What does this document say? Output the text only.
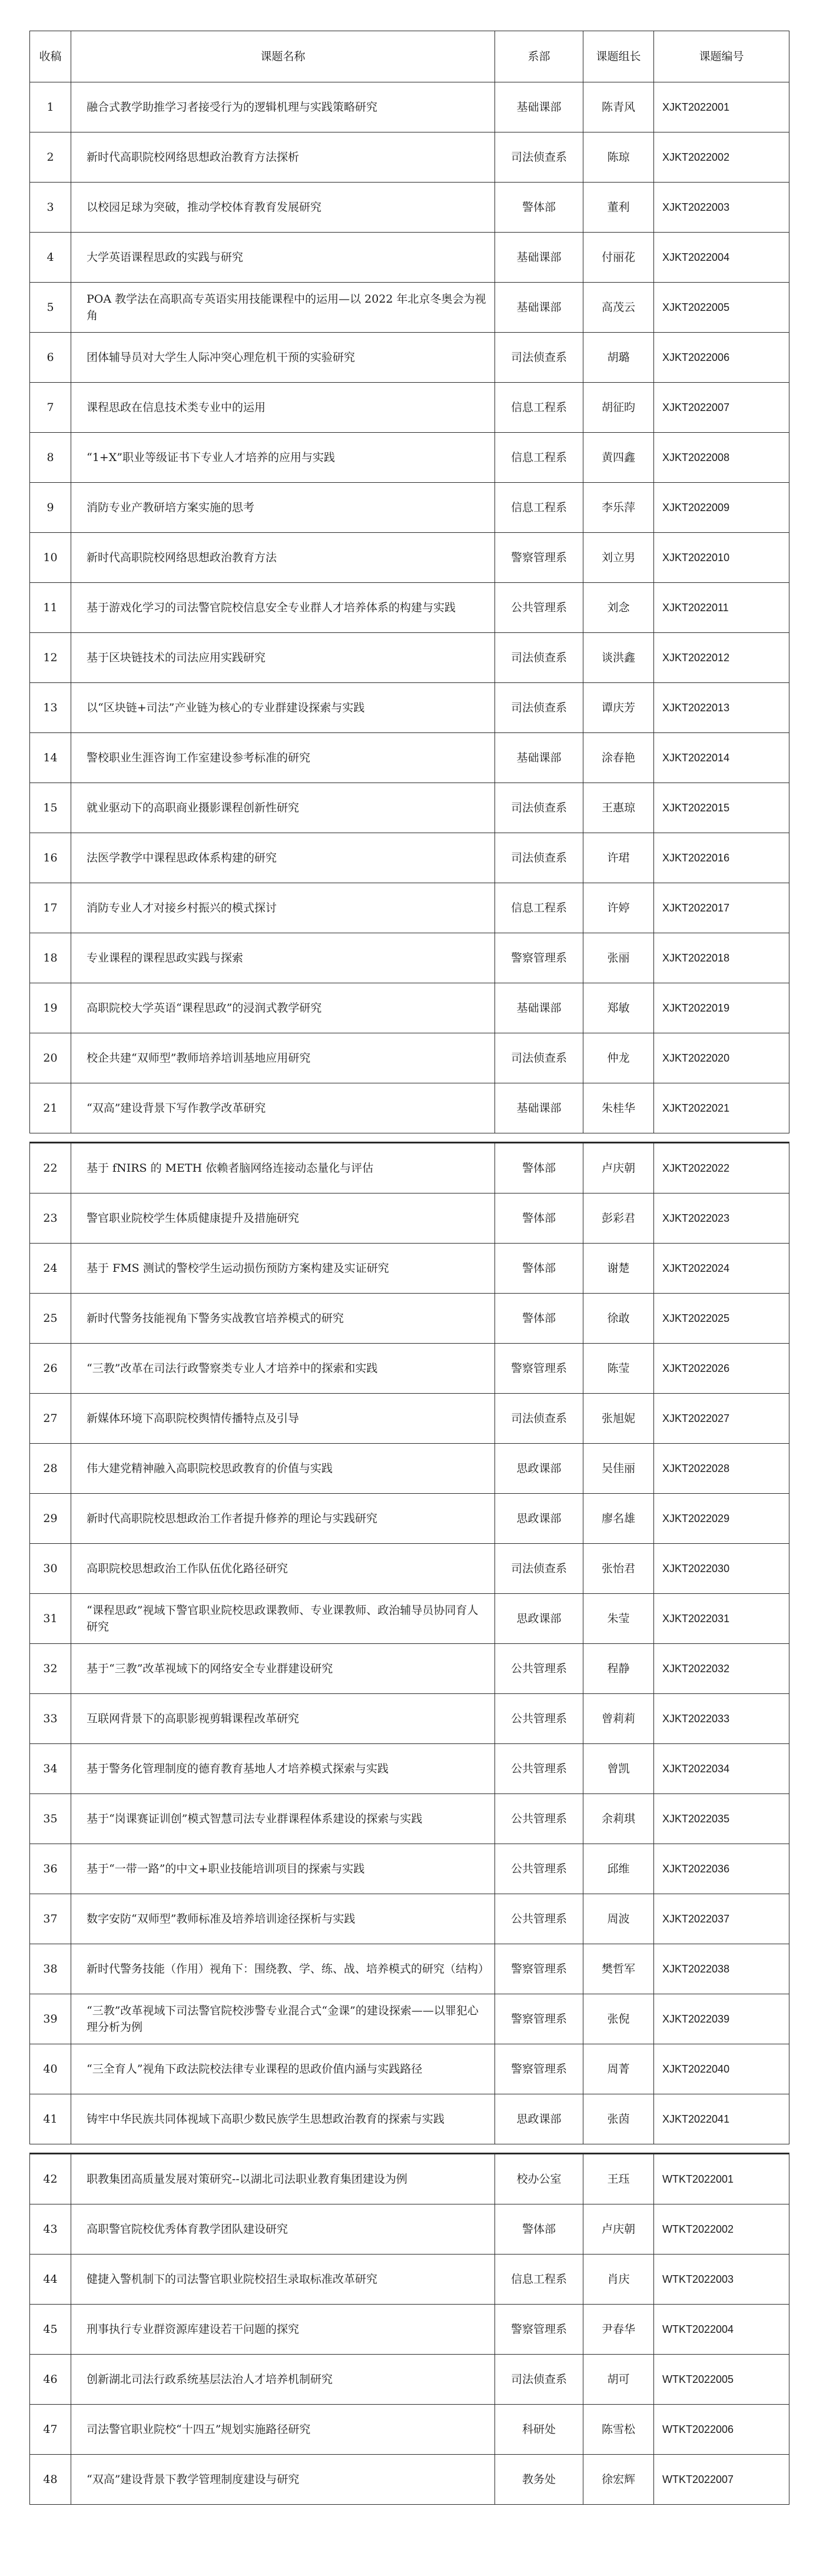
收稿	课题名称	系部	课题组长	课题编号
1	融合式教学助推学习者接受行为的逻辑机理与实践策略研究	基础课部	陈青风	XJKT2022001
2	新时代高职院校网络思想政治教育方法探析	司法侦查系	陈琼	XJKT2022002
3	以校园足球为突破，推动学校体育教育发展研究	警体部	董利	XJKT2022003
4	大学英语课程思政的实践与研究	基础课部	付丽花	XJKT2022004
5	POA 教学法在高职高专英语实用技能课程中的运用—以 2022 年北京冬奥会为视角	基础课部	高茂云	XJKT2022005
6	团体辅导员对大学生人际冲突心理危机干预的实验研究	司法侦查系	胡璐	XJKT2022006
7	课程思政在信息技术类专业中的运用	信息工程系	胡征昀	XJKT2022007
8	“1+X”职业等级证书下专业人才培养的应用与实践	信息工程系	黄四鑫	XJKT2022008
9	消防专业产教研培方案实施的思考	信息工程系	李乐萍	XJKT2022009
10	新时代高职院校网络思想政治教育方法	警察管理系	刘立男	XJKT2022010
11	基于游戏化学习的司法警官院校信息安全专业群人才培养体系的构建与实践	公共管理系	刘念	XJKT2022011
12	基于区块链技术的司法应用实践研究	司法侦查系	谈洪鑫	XJKT2022012
13	以“区块链+司法”产业链为核心的专业群建设探索与实践	司法侦查系	谭庆芳	XJKT2022013
14	警校职业生涯咨询工作室建设参考标准的研究	基础课部	涂春艳	XJKT2022014
15	就业驱动下的高职商业摄影课程创新性研究	司法侦查系	王惠琼	XJKT2022015
16	法医学教学中课程思政体系构建的研究	司法侦查系	许珺	XJKT2022016
17	消防专业人才对接乡村振兴的模式探讨	信息工程系	许婷	XJKT2022017
18	专业课程的课程思政实践与探索	警察管理系	张丽	XJKT2022018
19	高职院校大学英语“课程思政”的浸润式教学研究	基础课部	郑敏	XJKT2022019
20	校企共建“双师型”教师培养培训基地应用研究	司法侦查系	仲龙	XJKT2022020
21	“双高”建设背景下写作教学改革研究	基础课部	朱桂华	XJKT2022021

22	基于 fNIRS 的 METH 依赖者脑网络连接动态量化与评估	警体部	卢庆朝	XJKT2022022
23	警官职业院校学生体质健康提升及措施研究	警体部	彭彩君	XJKT2022023
24	基于 FMS 测试的警校学生运动损伤预防方案构建及实证研究	警体部	谢楚	XJKT2022024
25	新时代警务技能视角下警务实战教官培养模式的研究	警体部	徐敢	XJKT2022025
26	“三教”改革在司法行政警察类专业人才培养中的探索和实践	警察管理系	陈莹	XJKT2022026
27	新媒体环境下高职院校舆情传播特点及引导	司法侦查系	张旭妮	XJKT2022027
28	伟大建党精神融入高职院校思政教育的价值与实践	思政课部	吴佳丽	XJKT2022028
29	新时代高职院校思想政治工作者提升修养的理论与实践研究	思政课部	廖名雄	XJKT2022029
30	高职院校思想政治工作队伍优化路径研究	司法侦查系	张怡君	XJKT2022030
31	“课程思政”视域下警官职业院校思政课教师、专业课教师、政治辅导员协同育人研究	思政课部	朱莹	XJKT2022031
32	基于“三教”改革视域下的网络安全专业群建设研究	公共管理系	程静	XJKT2022032
33	互联网背景下的高职影视剪辑课程改革研究	公共管理系	曾莉莉	XJKT2022033
34	基于警务化管理制度的德育教育基地人才培养模式探索与实践	公共管理系	曾凯	XJKT2022034
35	基于“岗课赛证训创”模式智慧司法专业群课程体系建设的探索与实践	公共管理系	余莉琪	XJKT2022035
36	基于“一带一路”的中文+职业技能培训项目的探索与实践	公共管理系	邱维	XJKT2022036
37	数字安防“双师型”教师标准及培养培训途径探析与实践	公共管理系	周波	XJKT2022037
38	新时代警务技能（作用）视角下：围绕教、学、练、战、培养模式的研究（结构）	警察管理系	樊哲军	XJKT2022038
39	“三教”改革视域下司法警官院校涉警专业混合式“金课”的建设探索——以罪犯心理分析为例	警察管理系	张倪	XJKT2022039
40	“三全育人”视角下政法院校法律专业课程的思政价值内涵与实践路径	警察管理系	周菁	XJKT2022040
41	铸牢中华民族共同体视域下高职少数民族学生思想政治教育的探索与实践	思政课部	张茵	XJKT2022041

42	职教集团高质量发展对策研究--以湖北司法职业教育集团建设为例	校办公室	王珏	WTKT2022001
43	高职警官院校优秀体育教学团队建设研究	警体部	卢庆朝	WTKT2022002
44	健捷入警机制下的司法警官职业院校招生录取标准改革研究	信息工程系	肖庆	WTKT2022003
45	刑事执行专业群资源库建设若干问题的探究	警察管理系	尹春华	WTKT2022004
46	创新湖北司法行政系统基层法治人才培养机制研究	司法侦查系	胡可	WTKT2022005
47	司法警官职业院校“十四五”规划实施路径研究	科研处	陈雪松	WTKT2022006
48	“双高”建设背景下教学管理制度建设与研究	教务处	徐宏辉	WTKT2022007
